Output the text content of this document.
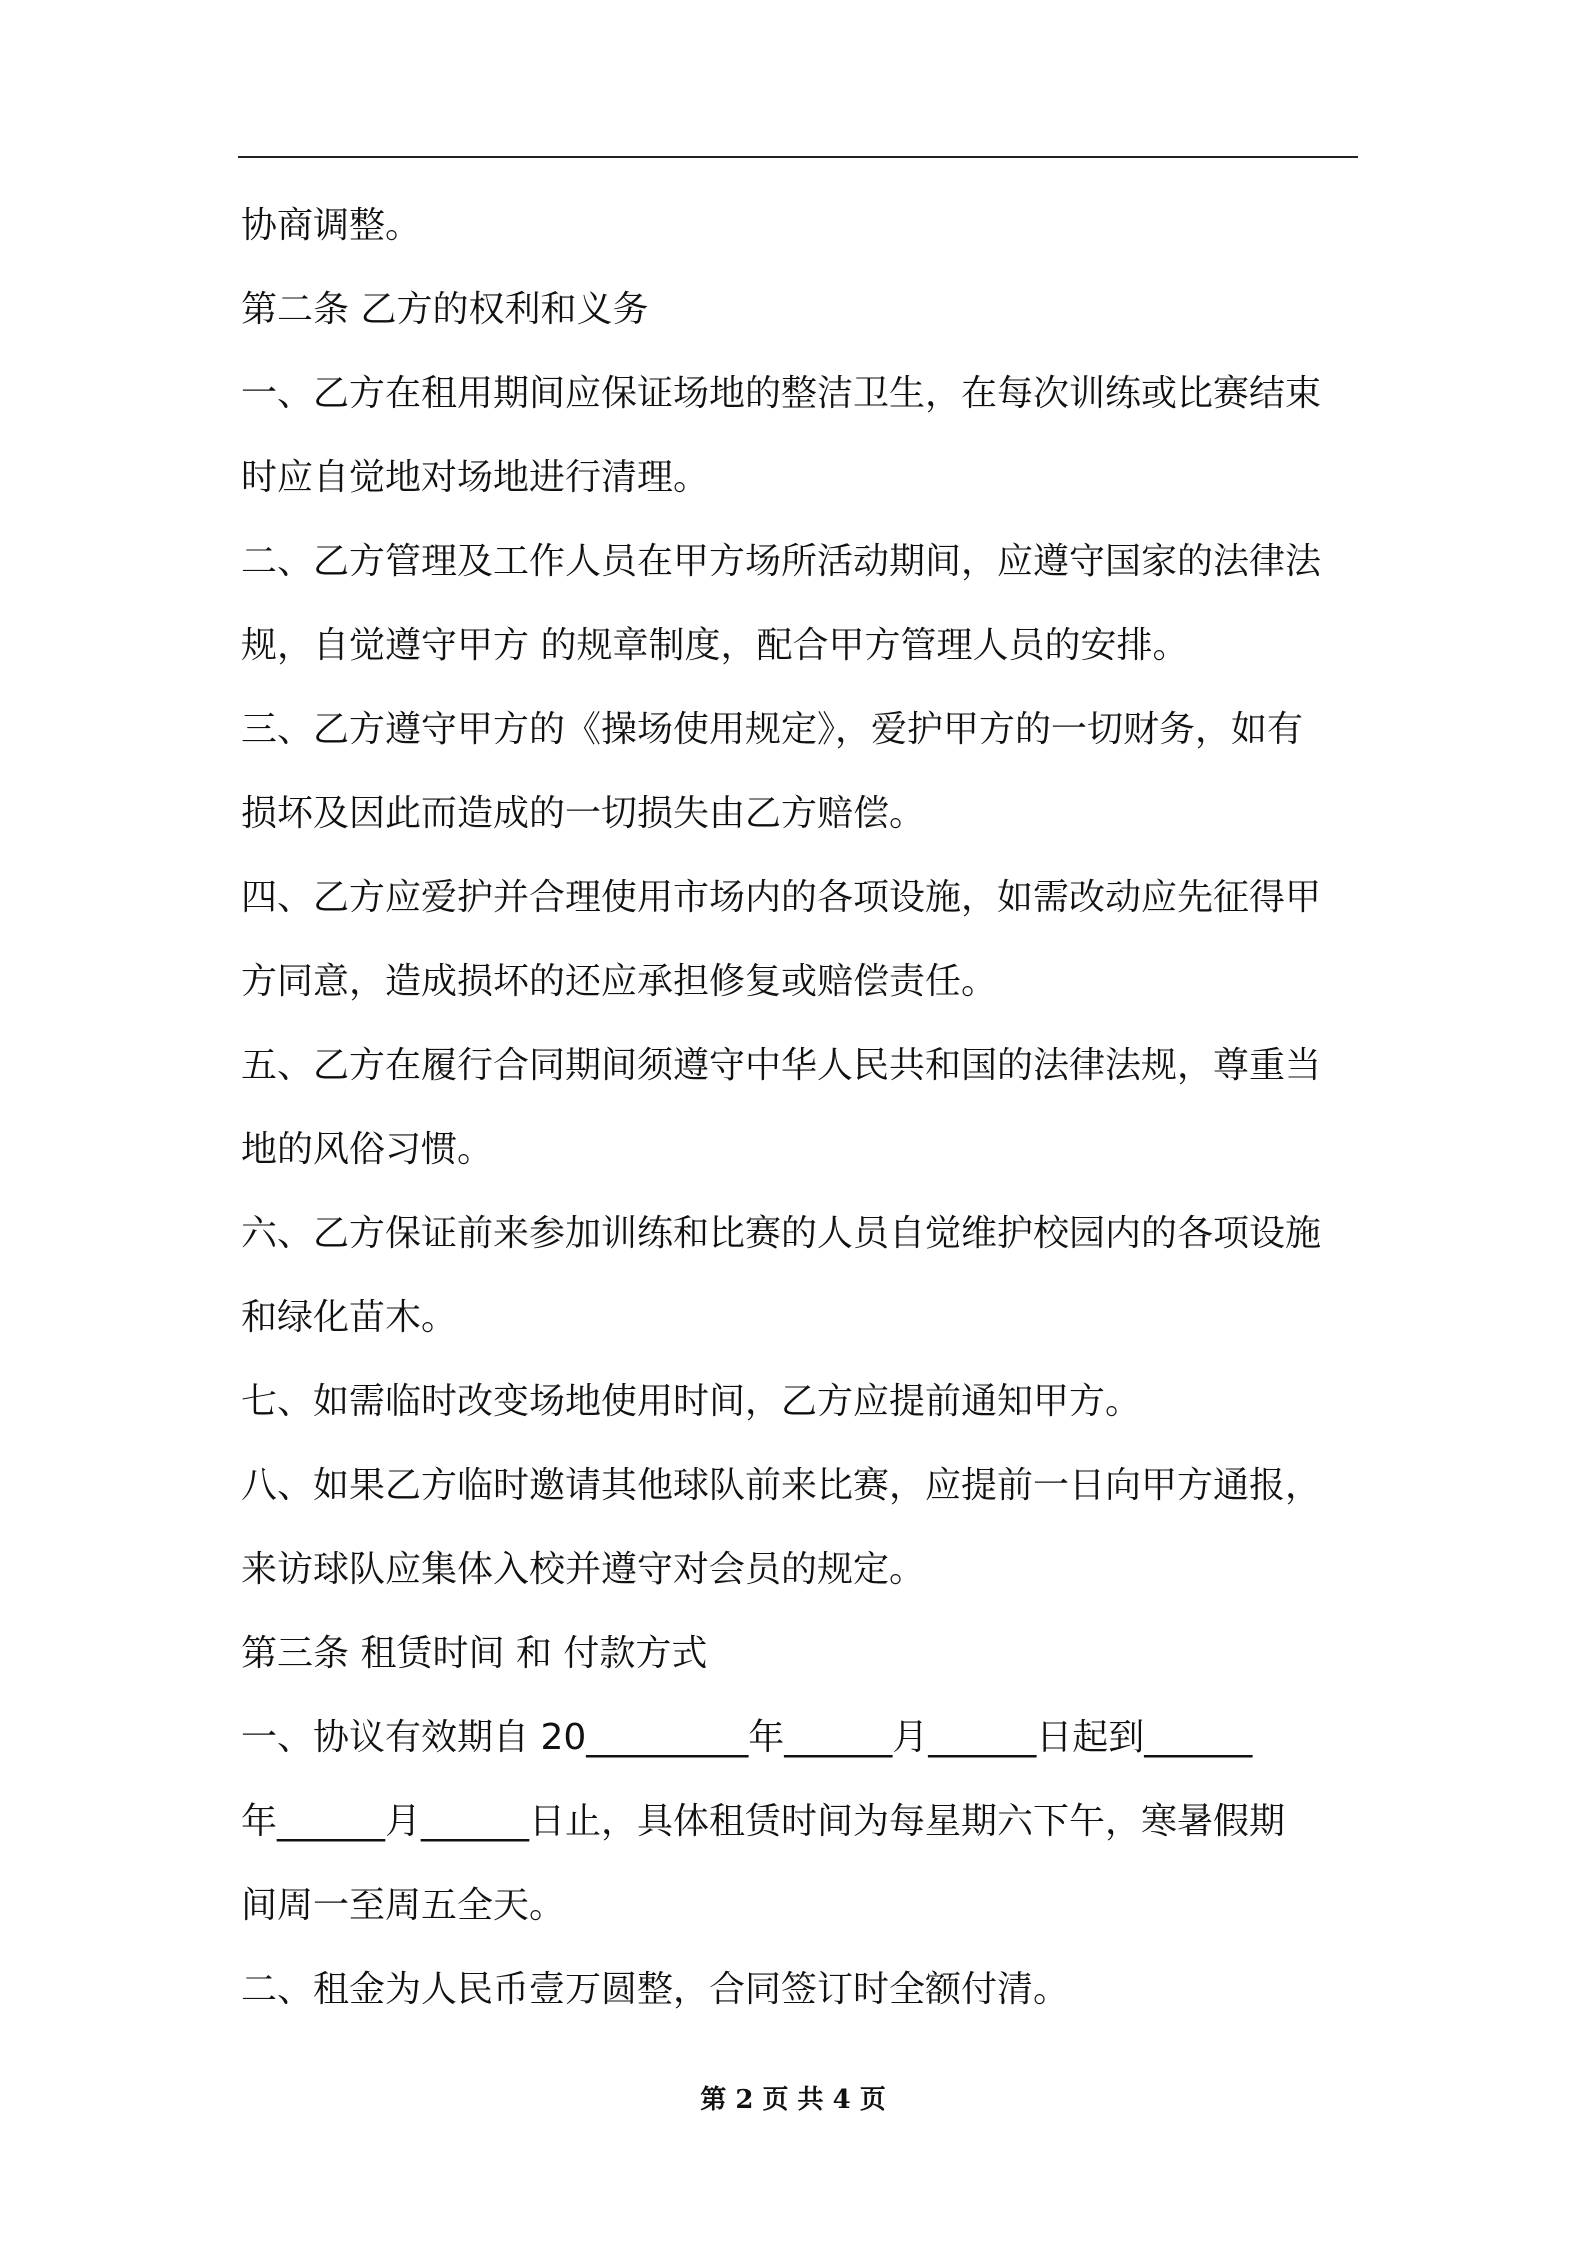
协商调整。
第二条 乙方的权利和义务
一、乙方在租用期间应保证场地的整洁卫生，在每次训练或比赛结束
时应自觉地对场地进行清理。
二、乙方管理及工作人员在甲方场所活动期间，应遵守国家的法律法
规，自觉遵守甲方 的规章制度，配合甲方管理人员的安排。
三、乙方遵守甲方的《操场使用规定》，爱护甲方的一切财务，如有
损坏及因此而造成的一切损失由乙方赔偿。
四、乙方应爱护并合理使用市场内的各项设施，如需改动应先征得甲
方同意，造成损坏的还应承担修复或赔偿责任。
五、乙方在履行合同期间须遵守中华人民共和国的法律法规，尊重当
地的风俗习惯。
六、乙方保证前来参加训练和比赛的人员自觉维护校园内的各项设施
和绿化苗木。
七、如需临时改变场地使用时间，乙方应提前通知甲方。
八、如果乙方临时邀请其他球队前来比赛，应提前一日向甲方通报，
来访球队应集体入校并遵守对会员的规定。
第三条 租赁时间 和 付款方式
一、协议有效期自 20_________年______月______日起到______
年______月______日止，具体租赁时间为每星期六下午，寒暑假期
间周一至周五全天。
二、租金为人民币壹万圆整，合同签订时全额付清。
第 2 页 共 4 页
